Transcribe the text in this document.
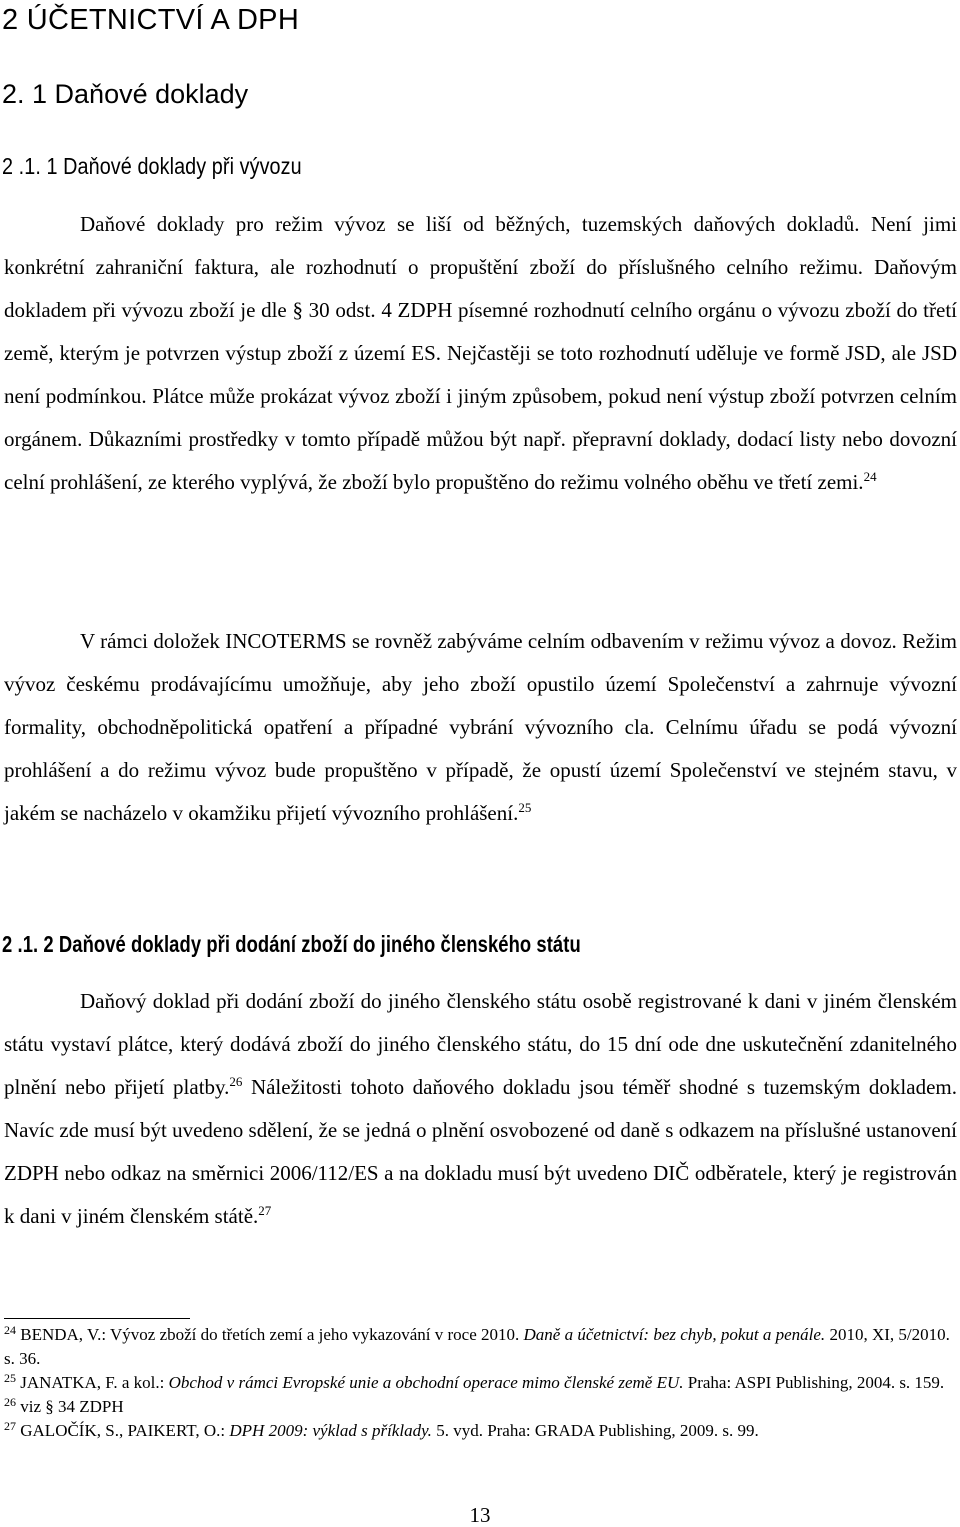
2 ÚČETNICTVÍ A DPH
2. 1 Daňové doklady
2 .1. 1 Daňové doklady při vývozu

Daňové doklady pro režim vývoz se liší od běžných, tuzemských daňových dokladů. Není jimi konkrétní zahraniční faktura, ale rozhodnutí o propuštění zboží do příslušného celního režimu. Daňovým dokladem při vývozu zboží je dle § 30 odst. 4 ZDPH písemné rozhodnutí celního orgánu o vývozu zboží do třetí země, kterým je potvrzen výstup zboží z území ES. Nejčastěji se toto rozhodnutí uděluje ve formě JSD, ale JSD není podmínkou. Plátce může prokázat vývoz zboží i jiným způsobem, pokud není výstup zboží potvrzen celním orgánem. Důkazními prostředky v tomto případě můžou být např. přepravní doklady, dodací listy nebo dovozní celní prohlášení, ze kterého vyplývá, že zboží bylo propuštěno do režimu volného oběhu ve třetí zemi.$^{24}$

V rámci doložek INCOTERMS se rovněž zabýváme celním odbavením v režimu vývoz a dovoz. Režim vývoz českému prodávajícímu umožňuje, aby jeho zboží opustilo území Společenství a zahrnuje vývozní formality, obchodněpolitická opatření a případné vybrání vývozního cla. Celnímu úřadu se podá vývozní prohlášení a do režimu vývoz bude propuštěno v případě, že opustí území Společenství ve stejném stavu, v jakém se nacházelo v okamžiku přijetí vývozního prohlášení.$^{25}$

2 .1. 2 Daňové doklady při dodání zboží do jiného členského státu

Daňový doklad při dodání zboží do jiného členského státu osobě registrované k dani v jiném členském státu vystaví plátce, který dodává zboží do jiného členského státu, do 15 dní ode dne uskutečnění zdanitelného plnění nebo přijetí platby.$^{26}$ Náležitosti tohoto daňového dokladu jsou téměř shodné s tuzemským dokladem. Navíc zde musí být uvedeno sdělení, že se jedná o plnění osvobozené od daně s odkazem na příslušné ustanovení ZDPH nebo odkaz na směrnici 2006/112/ES a na dokladu musí být uvedeno DIČ odběratele, který je registrován k dani v jiném členském státě.$^{27}$

$^{24}$ BENDA, V.: Vývoz zboží do třetích zemí a jeho vykazování v roce 2010. Daně a účetnictví: bez chyb, pokut a penále. 2010, XI, 5/2010. s. 36.
$^{25}$ JANATKA, F. a kol.: Obchod v rámci Evropské unie a obchodní operace mimo členské země EU. Praha: ASPI Publishing, 2004. s. 159.
$^{26}$ viz § 34 ZDPH
$^{27}$ GALOČÍK, S., PAIKERT, O.: DPH 2009: výklad s příklady. 5. vyd. Praha: GRADA Publishing, 2009. s. 99.
13
